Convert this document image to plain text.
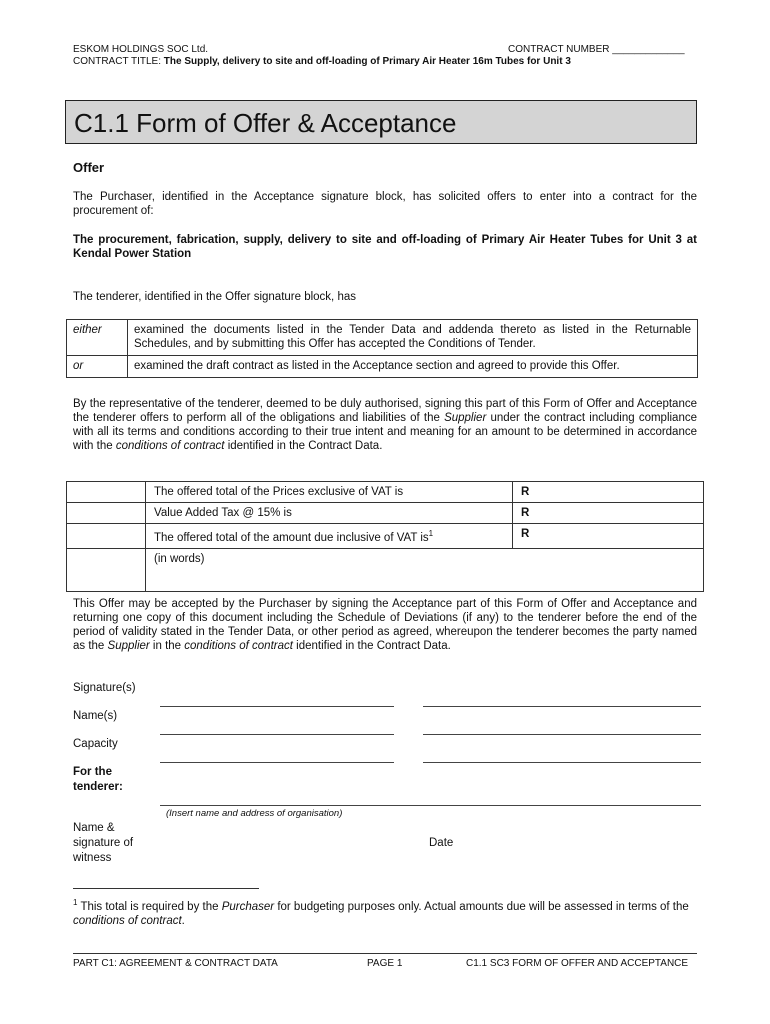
ESKOM HOLDINGS SOC Ltd.	CONTRACT NUMBER _____________
CONTRACT TITLE: The Supply, delivery to site and off-loading of Primary Air Heater 16m Tubes for Unit 3
C1.1 Form of Offer & Acceptance
Offer
The Purchaser, identified in the Acceptance signature block, has solicited offers to enter into a contract for the procurement of:
The procurement, fabrication, supply, delivery to site and off-loading of Primary Air Heater Tubes for Unit 3 at Kendal Power Station
The tenderer, identified in the Offer signature block, has
either	examined the documents listed in the Tender Data and addenda thereto as listed in the Returnable Schedules, and by submitting this Offer has accepted the Conditions of Tender.
or	examined the draft contract as listed in the Acceptance section and agreed to provide this Offer.
By the representative of the tenderer, deemed to be duly authorised, signing this part of this Form of Offer and Acceptance the tenderer offers to perform all of the obligations and liabilities of the Supplier under the contract including compliance with all its terms and conditions according to their true intent and meaning for an amount to be determined in accordance with the conditions of contract identified in the Contract Data.
	The offered total of the Prices exclusive of VAT is	R
	Value Added Tax @ 15% is	R
	The offered total of the amount due inclusive of VAT $is^1$	R
	(in words)	
This Offer may be accepted by the Purchaser by signing the Acceptance part of this Form of Offer and Acceptance and returning one copy of this document including the Schedule of Deviations (if any) to the tenderer before the end of the period of validity stated in the Tender Data, or other period as agreed, whereupon the tenderer becomes the party named as the Supplier in the conditions of contract identified in the Contract Data.
Signature(s)
Name(s)
Capacity
For the tenderer:
(Insert name and address of organisation)
Name & signature of witness
Date
$^1$ This total is required by the Purchaser for budgeting purposes only. Actual amounts due will be assessed in terms of the conditions of contract.
PART C1: AGREEMENT & CONTRACT DATA	PAGE 1	C1.1 SC3 FORM OF OFFER AND ACCEPTANCE
